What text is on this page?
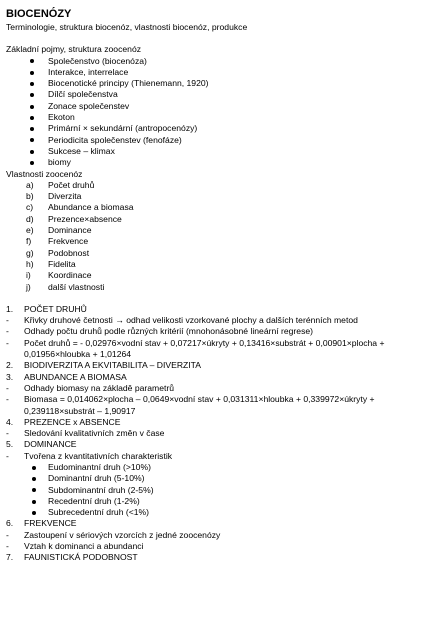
BIOCENÓZY
Terminologie, struktura biocenóz, vlastnosti biocenóz, produkce
Základní pojmy, struktura zoocenóz
Společenstvo (biocenóza)
Interakce, interrelace
Biocenotické principy (Thienemann, 1920)
Dílčí společenstva
Zonace společenstev
Ekoton
Primární × sekundární (antropocenózy)
Periodicita společenstev (fenofáze)
Sukcese – klimax
biomy
Vlastnosti zoocenóz
a) Počet druhů
b) Diverzita
c) Abundance a biomasa
d) Prezence×absence
e) Dominance
f) Frekvence
g) Podobnost
h) Fidelita
i) Koordinace
j) další vlastnosti
1. POČET DRUHŮ
- Křivky druhové četnosti → odhad velikosti vzorkované plochy a dalších terénních metod
- Odhady počtu druhů podle různých kritérií (mnohonásobné lineární regrese)
- Počet druhů = - 0,02976×vodní stav + 0,07217×úkryty + 0,13416×substrát + 0,00901×plocha +
0,01956×hloubka + 1,01264
2. BIODIVERZITA A EKVITABILITA – DIVERZITA
3. ABUNDANCE A BIOMASA
- Odhady biomasy na základě parametrů
- Biomasa = 0,014062×plocha – 0,0649×vodní stav + 0,031311×hloubka + 0,339972×úkryty +
0,239118×substrát – 1,90917
4. PREZENCE x ABSENCE
- Sledování kvalitativních změn v čase
5. DOMINANCE
- Tvořena z kvantitativních charakteristik
Eudominantní druh (>10%)
Dominantní druh (5-10%)
Subdominantní druh (2-5%)
Recedentní druh (1-2%)
Subrecedentní druh (<1%)
6. FREKVENCE
- Zastoupení v sériových vzorcích z jedné zoocenózy
- Vztah k dominanci a abundanci
7. FAUNISTICKÁ PODOBNOST
